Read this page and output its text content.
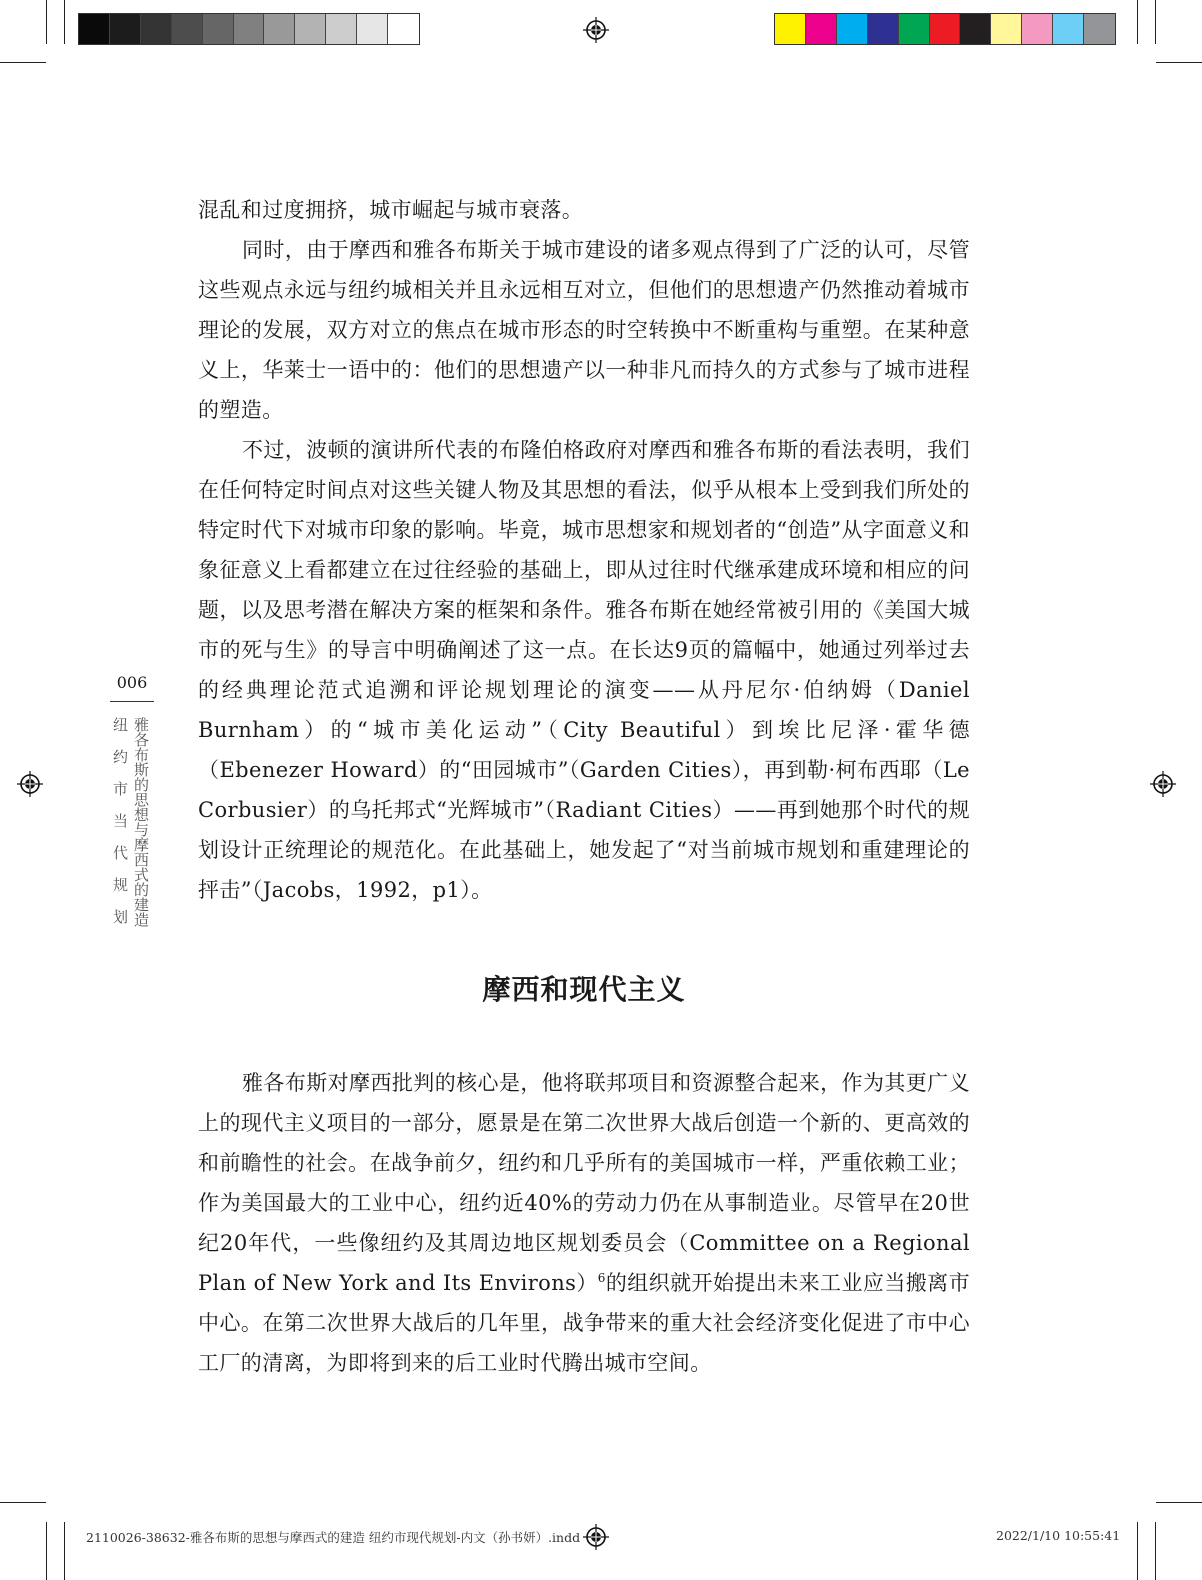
006
雅各布斯的思想与摩西式的建造
纽约市当代规划

混乱和过度拥挤，城市崛起与城市衰落。

同时，由于摩西和雅各布斯关于城市建设的诸多观点得到了广泛的认可，尽管这些观点永远与纽约城相关并且永远相互对立，但他们的思想遗产仍然推动着城市理论的发展，双方对立的焦点在城市形态的时空转换中不断重构与重塑。在某种意义上，华莱士一语中的：他们的思想遗产以一种非凡而持久的方式参与了城市进程的塑造。

不过，波顿的演讲所代表的布隆伯格政府对摩西和雅各布斯的看法表明，我们在任何特定时间点对这些关键人物及其思想的看法，似乎从根本上受到我们所处的特定时代下对城市印象的影响。毕竟，城市思想家和规划者的“创造”从字面意义和象征意义上看都建立在过往经验的基础上，即从过往时代继承建成环境和相应的问题，以及思考潜在解决方案的框架和条件。雅各布斯在她经常被引用的《美国大城市的死与生》的导言中明确阐述了这一点。在长达9页的篇幅中，她通过列举过去的经典理论范式追溯和评论规划理论的演变——从丹尼尔·伯纳姆（Daniel Burnham）的“城市美化运动”（City Beautiful）到埃比尼泽·霍华德（Ebenezer Howard）的“田园城市”（Garden Cities），再到勒·柯布西耶（Le Corbusier）的乌托邦式“光辉城市”（Radiant Cities）——再到她那个时代的规划设计正统理论的规范化。在此基础上，她发起了“对当前城市规划和重建理论的抨击”（Jacobs，1992，p1）。

摩西和现代主义

雅各布斯对摩西批判的核心是，他将联邦项目和资源整合起来，作为其更广义上的现代主义项目的一部分，愿景是在第二次世界大战后创造一个新的、更高效的和前瞻性的社会。在战争前夕，纽约和几乎所有的美国城市一样，严重依赖工业；作为美国最大的工业中心，纽约近40%的劳动力仍在从事制造业。尽管早在20世纪20年代，一些像纽约及其周边地区规划委员会（Committee on a Regional Plan of New York and Its Environs）$^6$的组织就开始提出未来工业应当搬离市中心。在第二次世界大战后的几年里，战争带来的重大社会经济变化促进了市中心工厂的清离，为即将到来的后工业时代腾出城市空间。

2110026-38632-雅各布斯的思想与摩西式的建造 纽约市现代规划-内文（孙书妍）.indd	2022/1/10 10:55:41
